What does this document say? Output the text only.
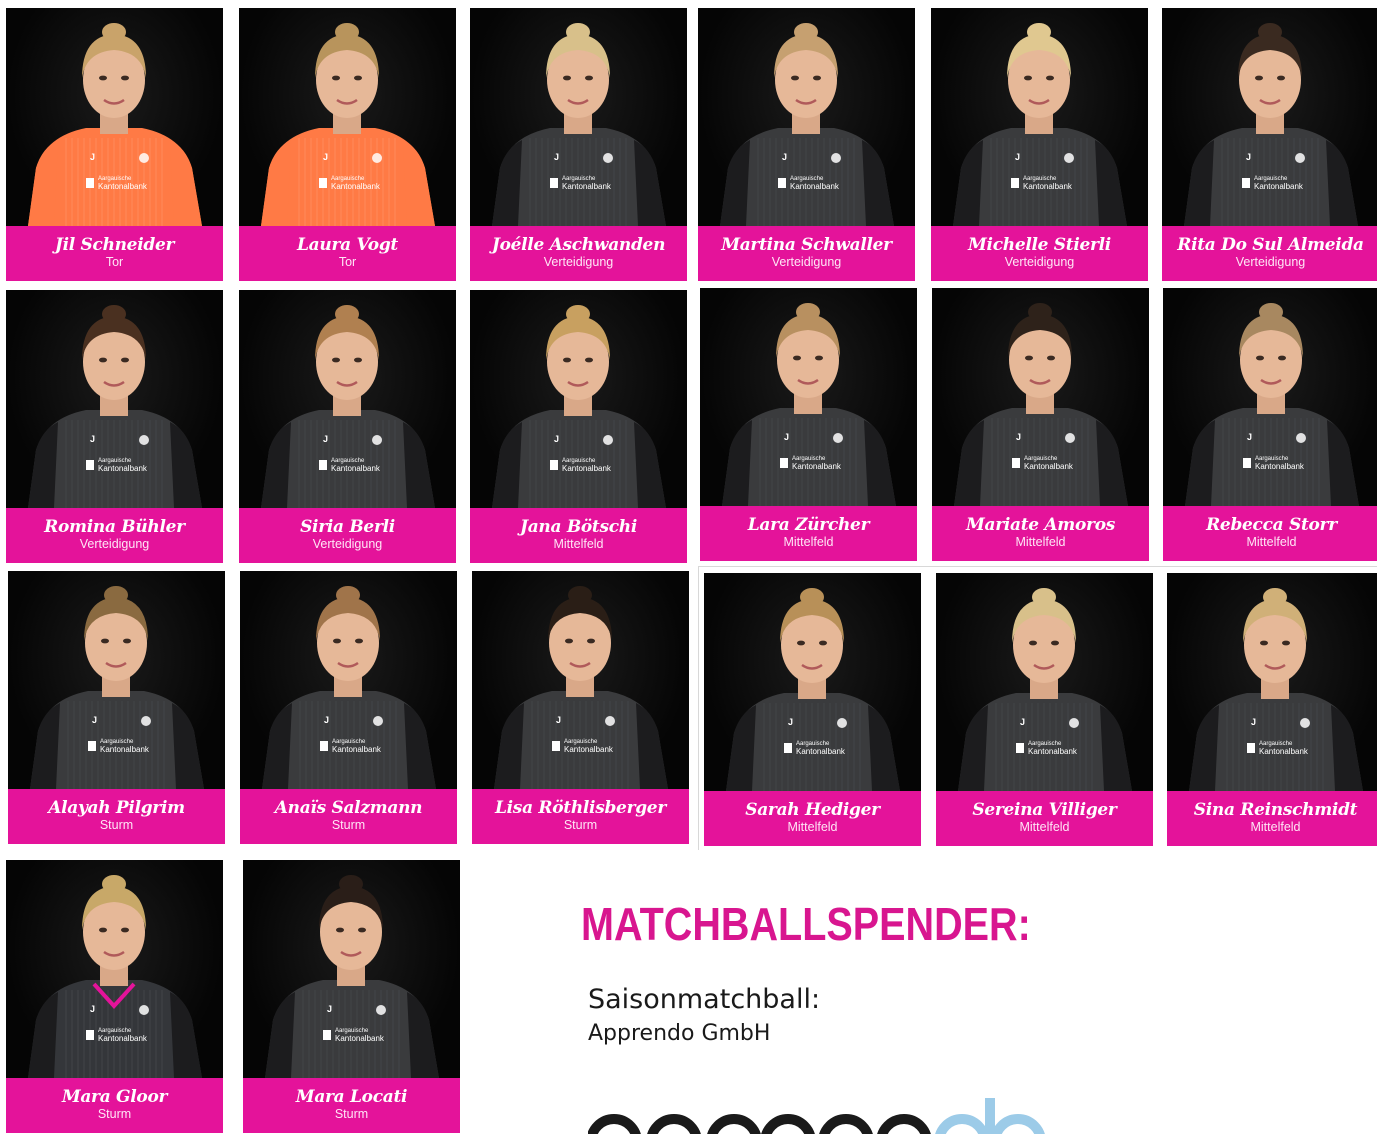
J
Aargauische
Kantonalbank
Jil Schneider
Tor
J
Aargauische
Kantonalbank
Laura Vogt
Tor
J
Aargauische
Kantonalbank
Joélle Aschwanden
Verteidigung
J
Aargauische
Kantonalbank
Martina Schwaller
Verteidigung
J
Aargauische
Kantonalbank
Michelle Stierli
Verteidigung
J
Aargauische
Kantonalbank
Rita Do Sul Almeida
Verteidigung
J
Aargauische
Kantonalbank
Romina Bühler
Verteidigung
J
Aargauische
Kantonalbank
Siria Berli
Verteidigung
J
Aargauische
Kantonalbank
Jana Bötschi
Mittelfeld
J
Aargauische
Kantonalbank
Lara Zürcher
Mittelfeld
J
Aargauische
Kantonalbank
Mariate Amoros
Mittelfeld
J
Aargauische
Kantonalbank
Rebecca Storr
Mittelfeld
J
Aargauische
Kantonalbank
Alayah Pilgrim
Sturm
J
Aargauische
Kantonalbank
Anaïs Salzmann
Sturm
J
Aargauische
Kantonalbank
Lisa Röthlisberger
Sturm
J
Aargauische
Kantonalbank
Sarah Hediger
Mittelfeld
J
Aargauische
Kantonalbank
Sereina Villiger
Mittelfeld
J
Aargauische
Kantonalbank
Sina Reinschmidt
Mittelfeld
J
Aargauische
Kantonalbank
Mara Gloor
Sturm
J
Aargauische
Kantonalbank
Mara Locati
Sturm
MATCHBALLSPENDER:
Saisonmatchball:
Apprendo GmbH
